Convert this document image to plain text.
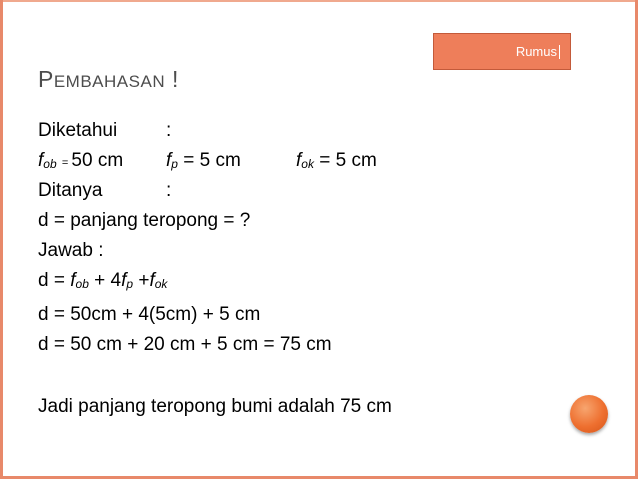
Rumus
PEMBAHASAN !
Diketahui	:
fob = 50 cm fp = 5 cm	fok = 5 cm
Ditanya	:
d = panjang teropong = ?
Jawab :
d = fob + 4fp +fok
d = 50cm + 4(5cm) + 5 cm
d = 50 cm + 20 cm + 5 cm = 75 cm
Jadi panjang teropong bumi adalah 75 cm
